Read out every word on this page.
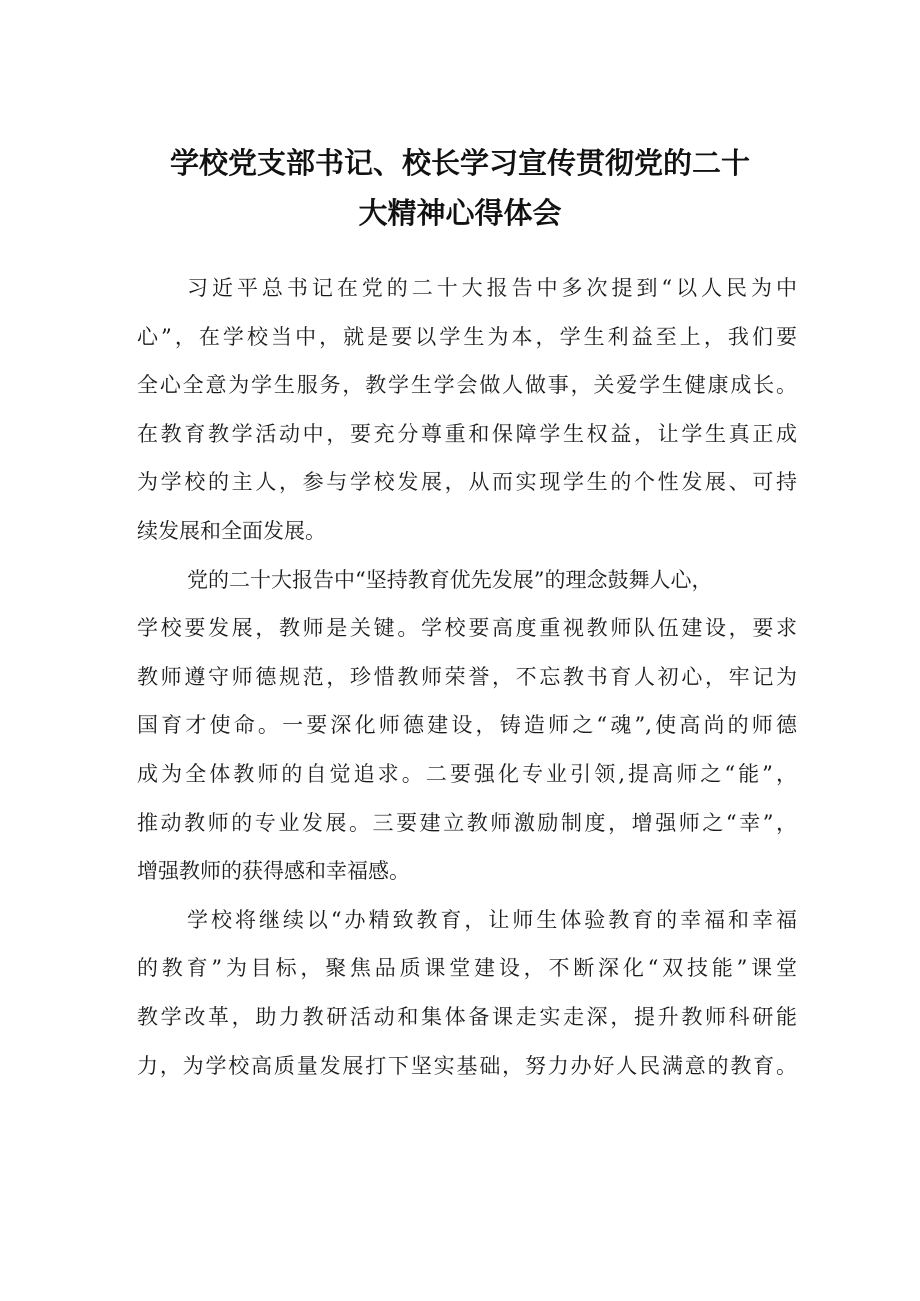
学校党支部书记、校长学习宣传贯彻党的二十
大精神心得体会

习近平总书记在党的二十大报告中多次提到“以人民为中
心”，在学校当中，就是要以学生为本，学生利益至上，我们要
全心全意为学生服务，教学生学会做人做事，关爱学生健康成长。
在教育教学活动中，要充分尊重和保障学生权益，让学生真正成
为学校的主人，参与学校发展，从而实现学生的个性发展、可持
续发展和全面发展。

党的二十大报告中“坚持教育优先发展”的理念鼓舞人心，
学校要发展，教师是关键。学校要高度重视教师队伍建设，要求
教师遵守师德规范，珍惜教师荣誉，不忘教书育人初心，牢记为
国育才使命。一要深化师德建设，铸造师之“魂”,使高尚的师德
成为全体教师的自觉追求。二要强化专业引领,提高师之“能”，
推动教师的专业发展。三要建立教师激励制度，增强师之“幸”，
增强教师的获得感和幸福感。

学校将继续以“办精致教育，让师生体验教育的幸福和幸福
的教育”为目标，聚焦品质课堂建设，不断深化“双技能”课堂
教学改革，助力教研活动和集体备课走实走深，提升教师科研能
力，为学校高质量发展打下坚实基础，努力办好人民满意的教育。
